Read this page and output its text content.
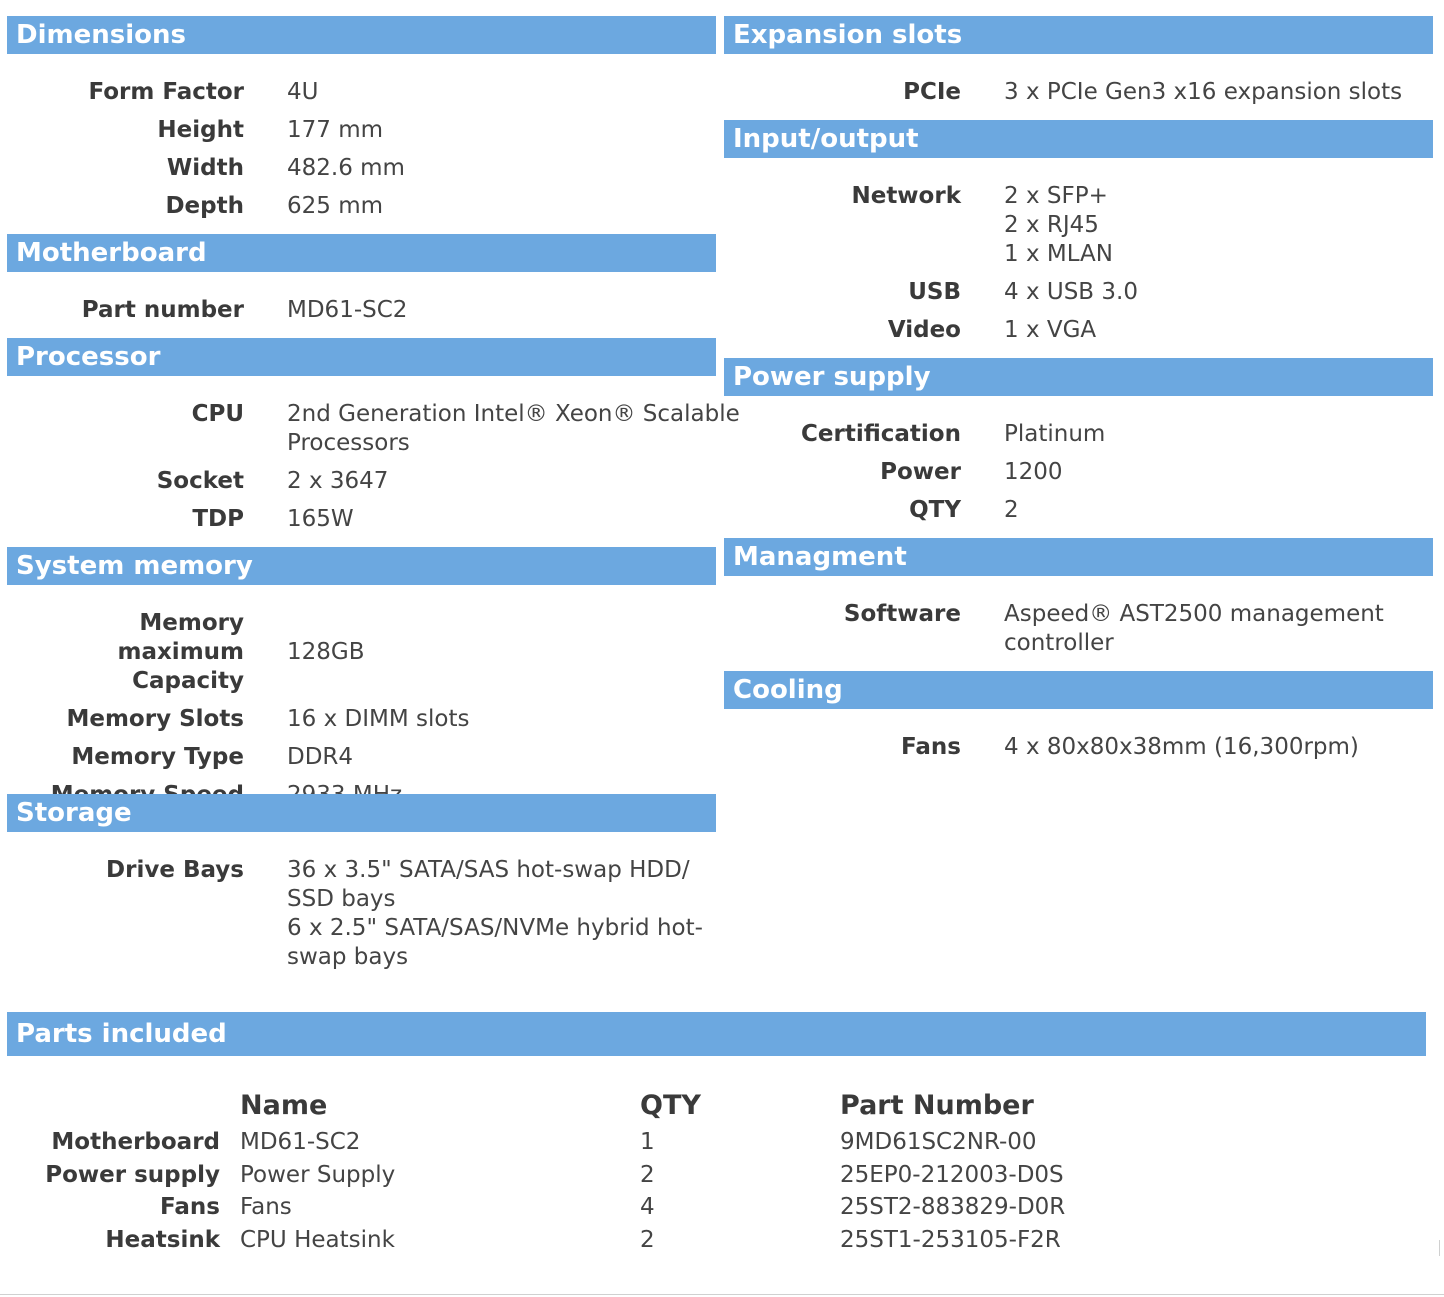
Dimensions
Form Factor 4U
Height 177 mm
Width 482.6 mm
Depth 625 mm
Motherboard
Part number MD61-SC2
Processor
CPU 2nd Generation Intel® Xeon® Scalable
Processors
Socket 2 x 3647
TDP 165W
System memory
Memory maximum
Capacity
128GB
Memory Slots 16 x DIMM slots
Memory Type DDR4
Storage
Drive Bays 36 x 3.5" SATA/SAS hot-swap HDD/
SSD bays
6 x 2.5" SATA/SAS/NVMe hybrid hot-
swap bays
Expansion slots
PCIe 3 x PCIe Gen3 x16 expansion slots
Input/output
Network 2 x SFP+
2 x RJ45
1 x MLAN
USB 4 x USB 3.0
Video 1 x VGA
Power supply
Certification Platinum
Power 1200
QTY 2
Managment
Software Aspeed® AST2500 management
controller
Cooling
Fans 4 x 80x80x38mm (16,300rpm)
Parts included
Name	QTY	Part Number
Motherboard MD61-SC2	1	9MD61SC2NR-00
Power supply Power Supply	2	25EP0-212003-D0S
Fans Fans	4	25ST2-883829-D0R
Heatsink CPU Heatsink	2	25ST1-253105-F2R
